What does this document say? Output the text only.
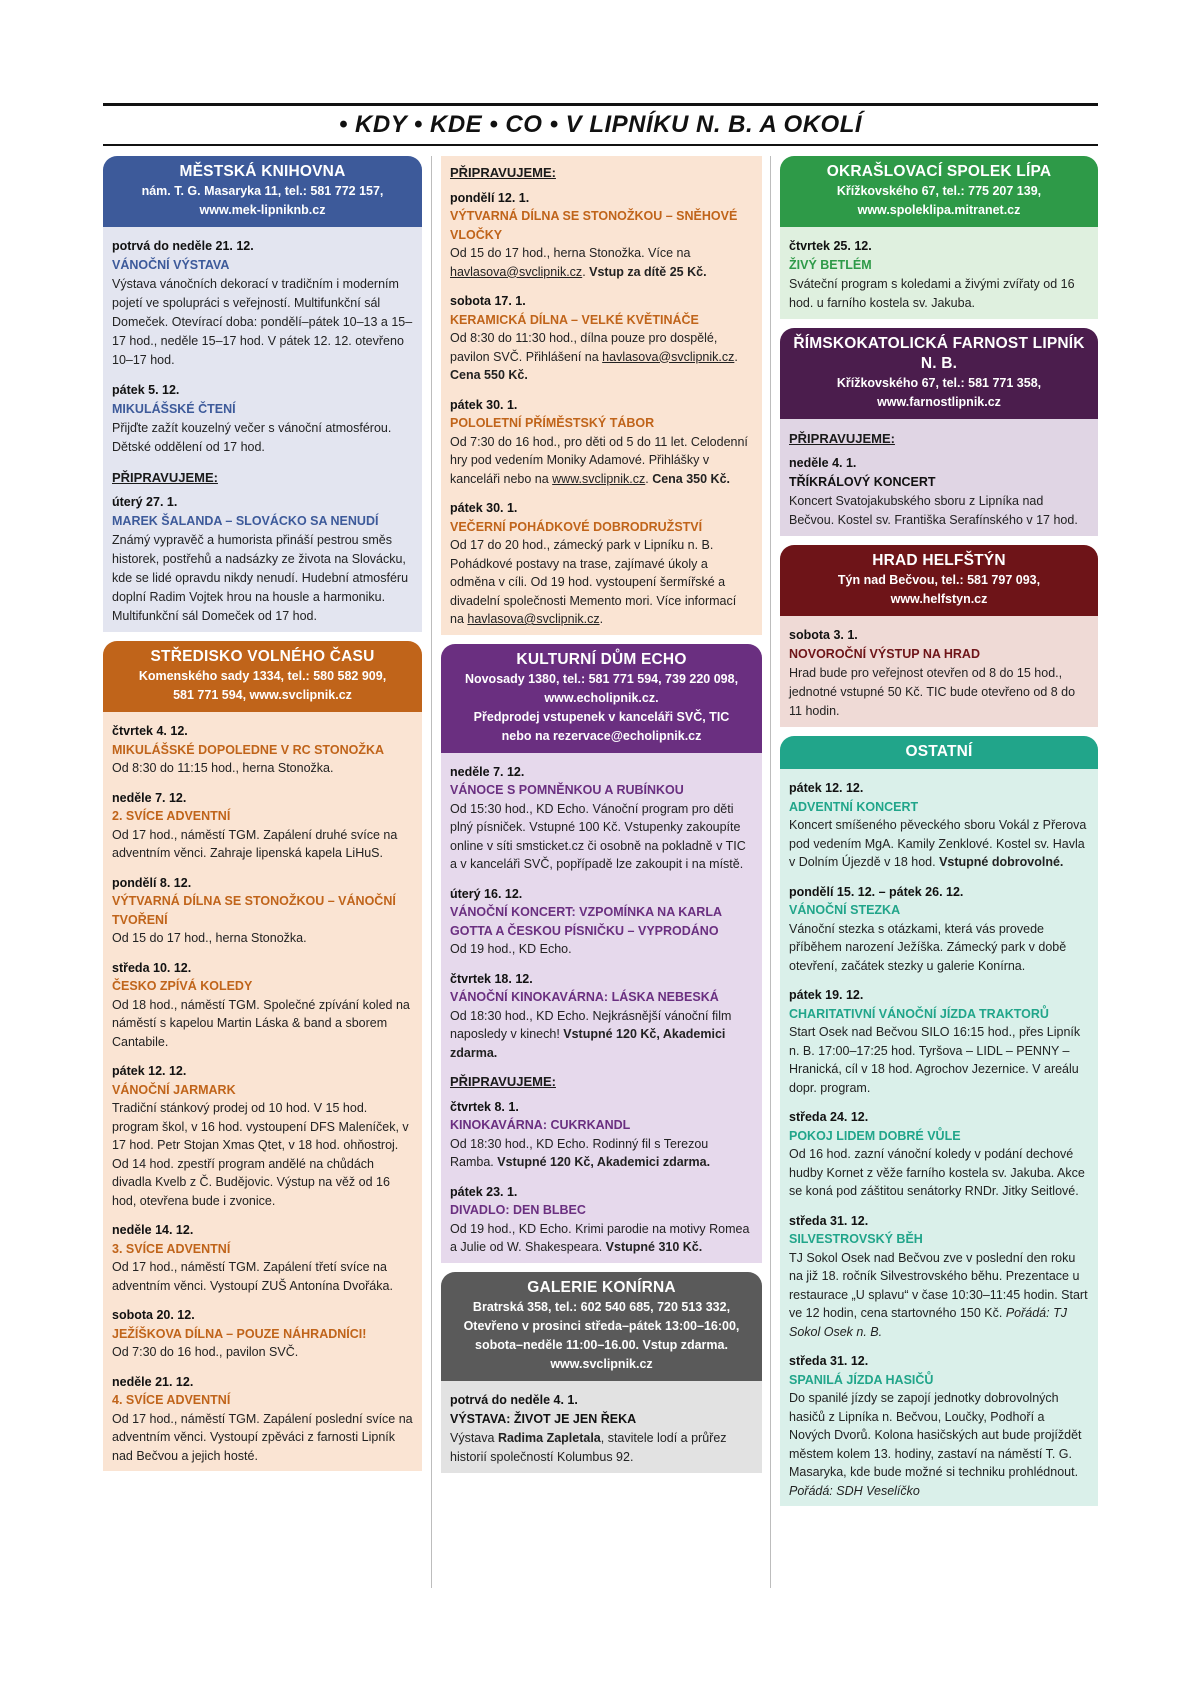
• KDY • KDE • CO • V LIPNÍKU N. B. A OKOLÍ
MĚSTSKÁ KNIHOVNA
nám. T. G. Masaryka 11, tel.: 581 772 157,
www.mek-lipniknb.cz
potrvá do neděle 21. 12.
VÁNOČNÍ VÝSTAVA
Výstava vánočních dekorací v tradičním i moderním pojetí ve spolupráci s veřejností. Multifunkční sál Domeček. Otevírací doba: pondělí–pátek 10–13 a 15–17 hod., neděle 15–17 hod. V pátek 12. 12. otevřeno 10–17 hod.
pátek 5. 12.
MIKULÁŠSKÉ ČTENÍ
Přijďte zažít kouzelný večer s vánoční atmosférou. Dětské oddělení od 17 hod.
PŘIPRAVUJEME:
úterý 27. 1.
MAREK ŠALANDA – SLOVÁCKO SA NENUDÍ
Známý vypravěč a humorista přináší pestrou směs historek, postřehů a nadsázky ze života na Slovácku, kde se lidé opravdu nikdy nenudí. Hudební atmosféru doplní Radim Vojtek hrou na housle a harmoniku. Multifunkční sál Domeček od 17 hod.
STŘEDISKO VOLNÉHO ČASU
Komenského sady 1334, tel.: 580 582 909,
581 771 594, www.svclipnik.cz
čtvrtek 4. 12.
MIKULÁŠSKÉ DOPOLEDNE V RC STONOŽKA
Od 8:30 do 11:15 hod., herna Stonožka.
neděle 7. 12.
2. SVÍCE ADVENTNÍ
Od 17 hod., náměstí TGM. Zapálení druhé svíce na adventním věnci. Zahraje lipenská kapela LiHuS.
pondělí 8. 12.
VÝTVARNÁ DÍLNA SE STONOŽKOU – VÁNOČNÍ TVOŘENÍ
Od 15 do 17 hod., herna Stonožka.
středa 10. 12.
ČESKO ZPÍVÁ KOLEDY
Od 18 hod., náměstí TGM. Společné zpívání koled na náměstí s kapelou Martin Láska & band a sborem Cantabile.
pátek 12. 12.
VÁNOČNÍ JARMARK
Tradiční stánkový prodej od 10 hod. V 15 hod. program škol, v 16 hod. vystoupení DFS Maleníček, v 17 hod. Petr Stojan Xmas Qtet, v 18 hod. ohňostroj. Od 14 hod. zpestří program andělé na chůdách divadla Kvelb z Č. Budějovic. Výstup na věž od 16 hod, otevřena bude i zvonice.
neděle 14. 12.
3. SVÍCE ADVENTNÍ
Od 17 hod., náměstí TGM. Zapálení třetí svíce na adventním věnci. Vystoupí ZUŠ Antonína Dvořáka.
sobota 20. 12.
JEŽÍŠKOVA DÍLNA – POUZE NÁHRADNÍCI!
Od 7:30 do 16 hod., pavilon SVČ.
neděle 21. 12.
4. SVÍCE ADVENTNÍ
Od 17 hod., náměstí TGM. Zapálení poslední svíce na adventním věnci. Vystoupí zpěváci z farnosti Lipník nad Bečvou a jejich hosté.
PŘIPRAVUJEME:
pondělí 12. 1.
VÝTVARNÁ DÍLNA SE STONOŽKOU – SNĚHOVÉ VLOČKY
Od 15 do 17 hod., herna Stonožka. Více na havlasova@svclipnik.cz. Vstup za dítě 25 Kč.
sobota 17. 1.
KERAMICKÁ DÍLNA – VELKÉ KVĚTINÁČE
Od 8:30 do 11:30 hod., dílna pouze pro dospělé, pavilon SVČ. Přihlášení na havlasova@svclipnik.cz. Cena 550 Kč.
pátek 30. 1.
POLOLETNÍ PŘÍMĚSTSKÝ TÁBOR
Od 7:30 do 16 hod., pro děti od 5 do 11 let. Celodenní hry pod vedením Moniky Adamové. Přihlášky v kanceláři nebo na www.svclipnik.cz. Cena 350 Kč.
pátek 30. 1.
VEČERNÍ POHÁDKOVÉ DOBRODRUŽSTVÍ
Od 17 do 20 hod., zámecký park v Lipníku n. B. Pohádkové postavy na trase, zajímavé úkoly a odměna v cíli. Od 19 hod. vystoupení šermířské a divadelní společnosti Memento mori. Více informací na havlasova@svclipnik.cz.
KULTURNÍ DŮM ECHO
Novosady 1380, tel.: 581 771 594, 739 220 098,
www.echolipnik.cz.
Předprodej vstupenek v kanceláři SVČ, TIC
nebo na rezervace@echolipnik.cz
neděle 7. 12.
VÁNOCE S POMNĚNKOU A RUBÍNKOU
Od 15:30 hod., KD Echo. Vánoční program pro děti plný písniček. Vstupné 100 Kč. Vstupenky zakoupíte online v síti smsticket.cz či osobně na pokladně v TIC a v kanceláři SVČ, popřípadě lze zakoupit i na místě.
úterý 16. 12.
VÁNOČNÍ KONCERT: VZPOMÍNKA NA KARLA GOTTA A ČESKOU PÍSNIČKU – VYPRODÁNO
Od 19 hod., KD Echo.
čtvrtek 18. 12.
VÁNOČNÍ KINOKAVÁRNA: LÁSKA NEBESKÁ
Od 18:30 hod., KD Echo. Nejkrásnější vánoční film naposledy v kinech! Vstupné 120 Kč, Akademici zdarma.
PŘIPRAVUJEME:
čtvrtek 8. 1.
KINOKAVÁRNA: CUKRKANDL
Od 18:30 hod., KD Echo. Rodinný fil s Terezou Ramba. Vstupné 120 Kč, Akademici zdarma.
pátek 23. 1.
DIVADLO: DEN BLBEC
Od 19 hod., KD Echo. Krimi parodie na motivy Romea a Julie od W. Shakespeara. Vstupné 310 Kč.
GALERIE KONÍRNA
Bratrská 358, tel.: 602 540 685, 720 513 332,
Otevřeno v prosinci středa–pátek 13:00–16:00,
sobota–neděle 11:00–16.00. Vstup zdarma.
www.svclipnik.cz
potrvá do neděle 4. 1.
VÝSTAVA: ŽIVOT JE JEN ŘEKA
Výstava Radima Zapletala, stavitele lodí a průřez historií společností Kolumbus 92.
OKRAŠLOVACÍ SPOLEK LÍPA
Křížkovského 67, tel.: 775 207 139,
www.spoleklipa.mitranet.cz
čtvrtek 25. 12.
ŽIVÝ BETLÉM
Sváteční program s koledami a živými zvířaty od 16 hod. u farního kostela sv. Jakuba.
ŘÍMSKOKATOLICKÁ FARNOST LIPNÍK N. B.
Křížkovského 67, tel.: 581 771 358,
www.farnostlipnik.cz
PŘIPRAVUJEME:
neděle 4. 1.
TŘÍKRÁLOVÝ KONCERT
Koncert Svatojakubského sboru z Lipníka nad Bečvou. Kostel sv. Františka Serafínského v 17 hod.
HRAD HELFŠTÝN
Týn nad Bečvou, tel.: 581 797 093,
www.helfstyn.cz
sobota 3. 1.
NOVOROČNÍ VÝSTUP NA HRAD
Hrad bude pro veřejnost otevřen od 8 do 15 hod., jednotné vstupné 50 Kč. TIC bude otevřeno od 8 do 11 hodin.
OSTATNÍ
pátek 12. 12.
ADVENTNÍ KONCERT
Koncert smíšeného pěveckého sboru Vokál z Přerova pod vedením MgA. Kamily Zenklové. Kostel sv. Havla v Dolním Újezdě v 18 hod. Vstupné dobrovolné.
pondělí 15. 12. – pátek 26. 12.
VÁNOČNÍ STEZKA
Vánoční stezka s otázkami, která vás provede příběhem narození Ježíška. Zámecký park v době otevření, začátek stezky u galerie Konírna.
pátek 19. 12.
CHARITATIVNÍ VÁNOČNÍ JÍZDA TRAKTORŮ
Start Osek nad Bečvou SILO 16:15 hod., přes Lipník n. B. 17:00–17:25 hod. Tyršova – LIDL – PENNY – Hranická, cíl v 18 hod. Agrochov Jezernice. V areálu dopr. program.
středa 24. 12.
POKOJ LIDEM DOBRÉ VŮLE
Od 16 hod. zazní vánoční koledy v podání dechové hudby Kornet z věže farního kostela sv. Jakuba. Akce se koná pod záštitou senátorky RNDr. Jitky Seitlové.
středa 31. 12.
SILVESTROVSKÝ BĚH
TJ Sokol Osek nad Bečvou zve v poslední den roku na již 18. ročník Silvestrovského běhu. Prezentace u restaurace „U splavu“ v čase 10:30–11:45 hodin. Start ve 12 hodin, cena startovného 150 Kč. Pořádá: TJ Sokol Osek n. B.
středa 31. 12.
SPANILÁ JÍZDA HASIČŮ
Do spanilé jízdy se zapojí jednotky dobrovolných hasičů z Lipníka n. Bečvou, Loučky, Podhoří a Nových Dvorů. Kolona hasičských aut bude projíždět městem kolem 13. hodiny, zastaví na náměstí T. G. Masaryka, kde bude možné si techniku prohlédnout. Pořádá: SDH Veselíčko
